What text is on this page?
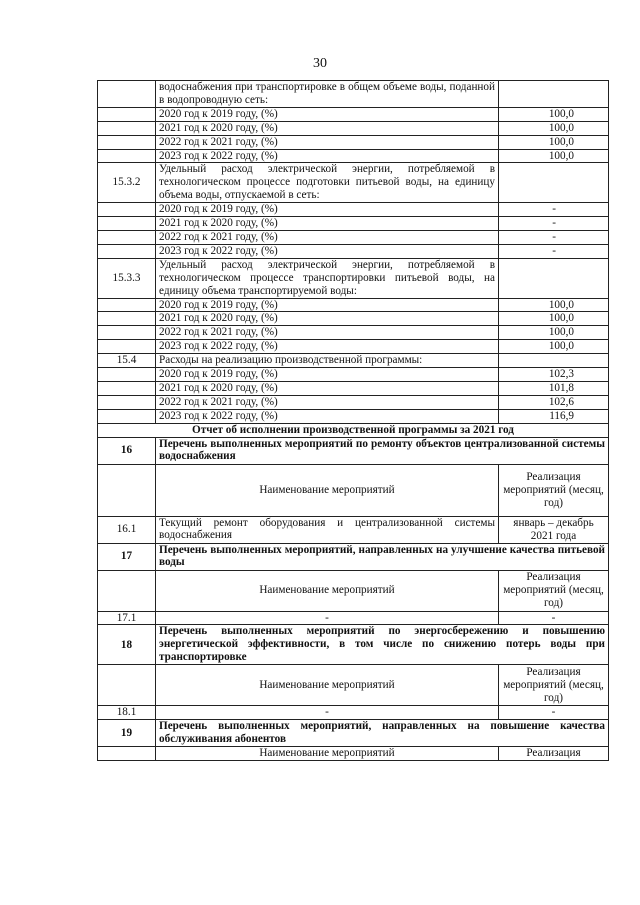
30
	водоснабжения при транспортировке в общем объеме воды, поданной в водопроводную сеть:	
	2020 год к 2019 году, (%)	100,0
	2021 год к 2020 году, (%)	100,0
	2022 год к 2021 году, (%)	100,0
	2023 год к 2022 году, (%)	100,0
15.3.2	Удельный расход электрической энергии, потребляемой в технологическом процессе подготовки питьевой воды, на единицу объема воды, отпускаемой в сеть:	
	2020 год к 2019 году, (%)	-
	2021 год к 2020 году, (%)	-
	2022 год к 2021 году, (%)	-
	2023 год к 2022 году, (%)	-
15.3.3	Удельный расход электрической энергии, потребляемой в технологическом процессе транспортировки питьевой воды, на единицу объема транспортируемой воды:	
	2020 год к 2019 году, (%)	100,0
	2021 год к 2020 году, (%)	100,0
	2022 год к 2021 году, (%)	100,0
	2023 год к 2022 году, (%)	100,0
15.4	Расходы на реализацию производственной программы:	
	2020 год к 2019 году, (%)	102,3
	2021 год к 2020 году, (%)	101,8
	2022 год к 2021 году, (%)	102,6
	2023 год к 2022 году, (%)	116,9
Отчет об исполнении производственной программы за 2021 год		
16	Перечень выполненных мероприятий по ремонту объектов централизованной системы водоснабжения	
	Наименование мероприятий	Реализация мероприятий (месяц, год)
16.1	Текущий ремонт оборудования и централизованной системы водоснабжения	январь – декабрь 2021 года
17	Перечень выполненных мероприятий, направленных на улучшение качества питьевой воды	
	Наименование мероприятий	Реализация мероприятий (месяц, год)
17.1	-	-
18	Перечень выполненных мероприятий по энергосбережению и повышению энергетической эффективности, в том числе по снижению потерь воды при транспортировке	
	Наименование мероприятий	Реализация мероприятий (месяц, год)
18.1	-	-
19	Перечень выполненных мероприятий, направленных на повышение качества обслуживания абонентов	
	Наименование мероприятий	Реализация
